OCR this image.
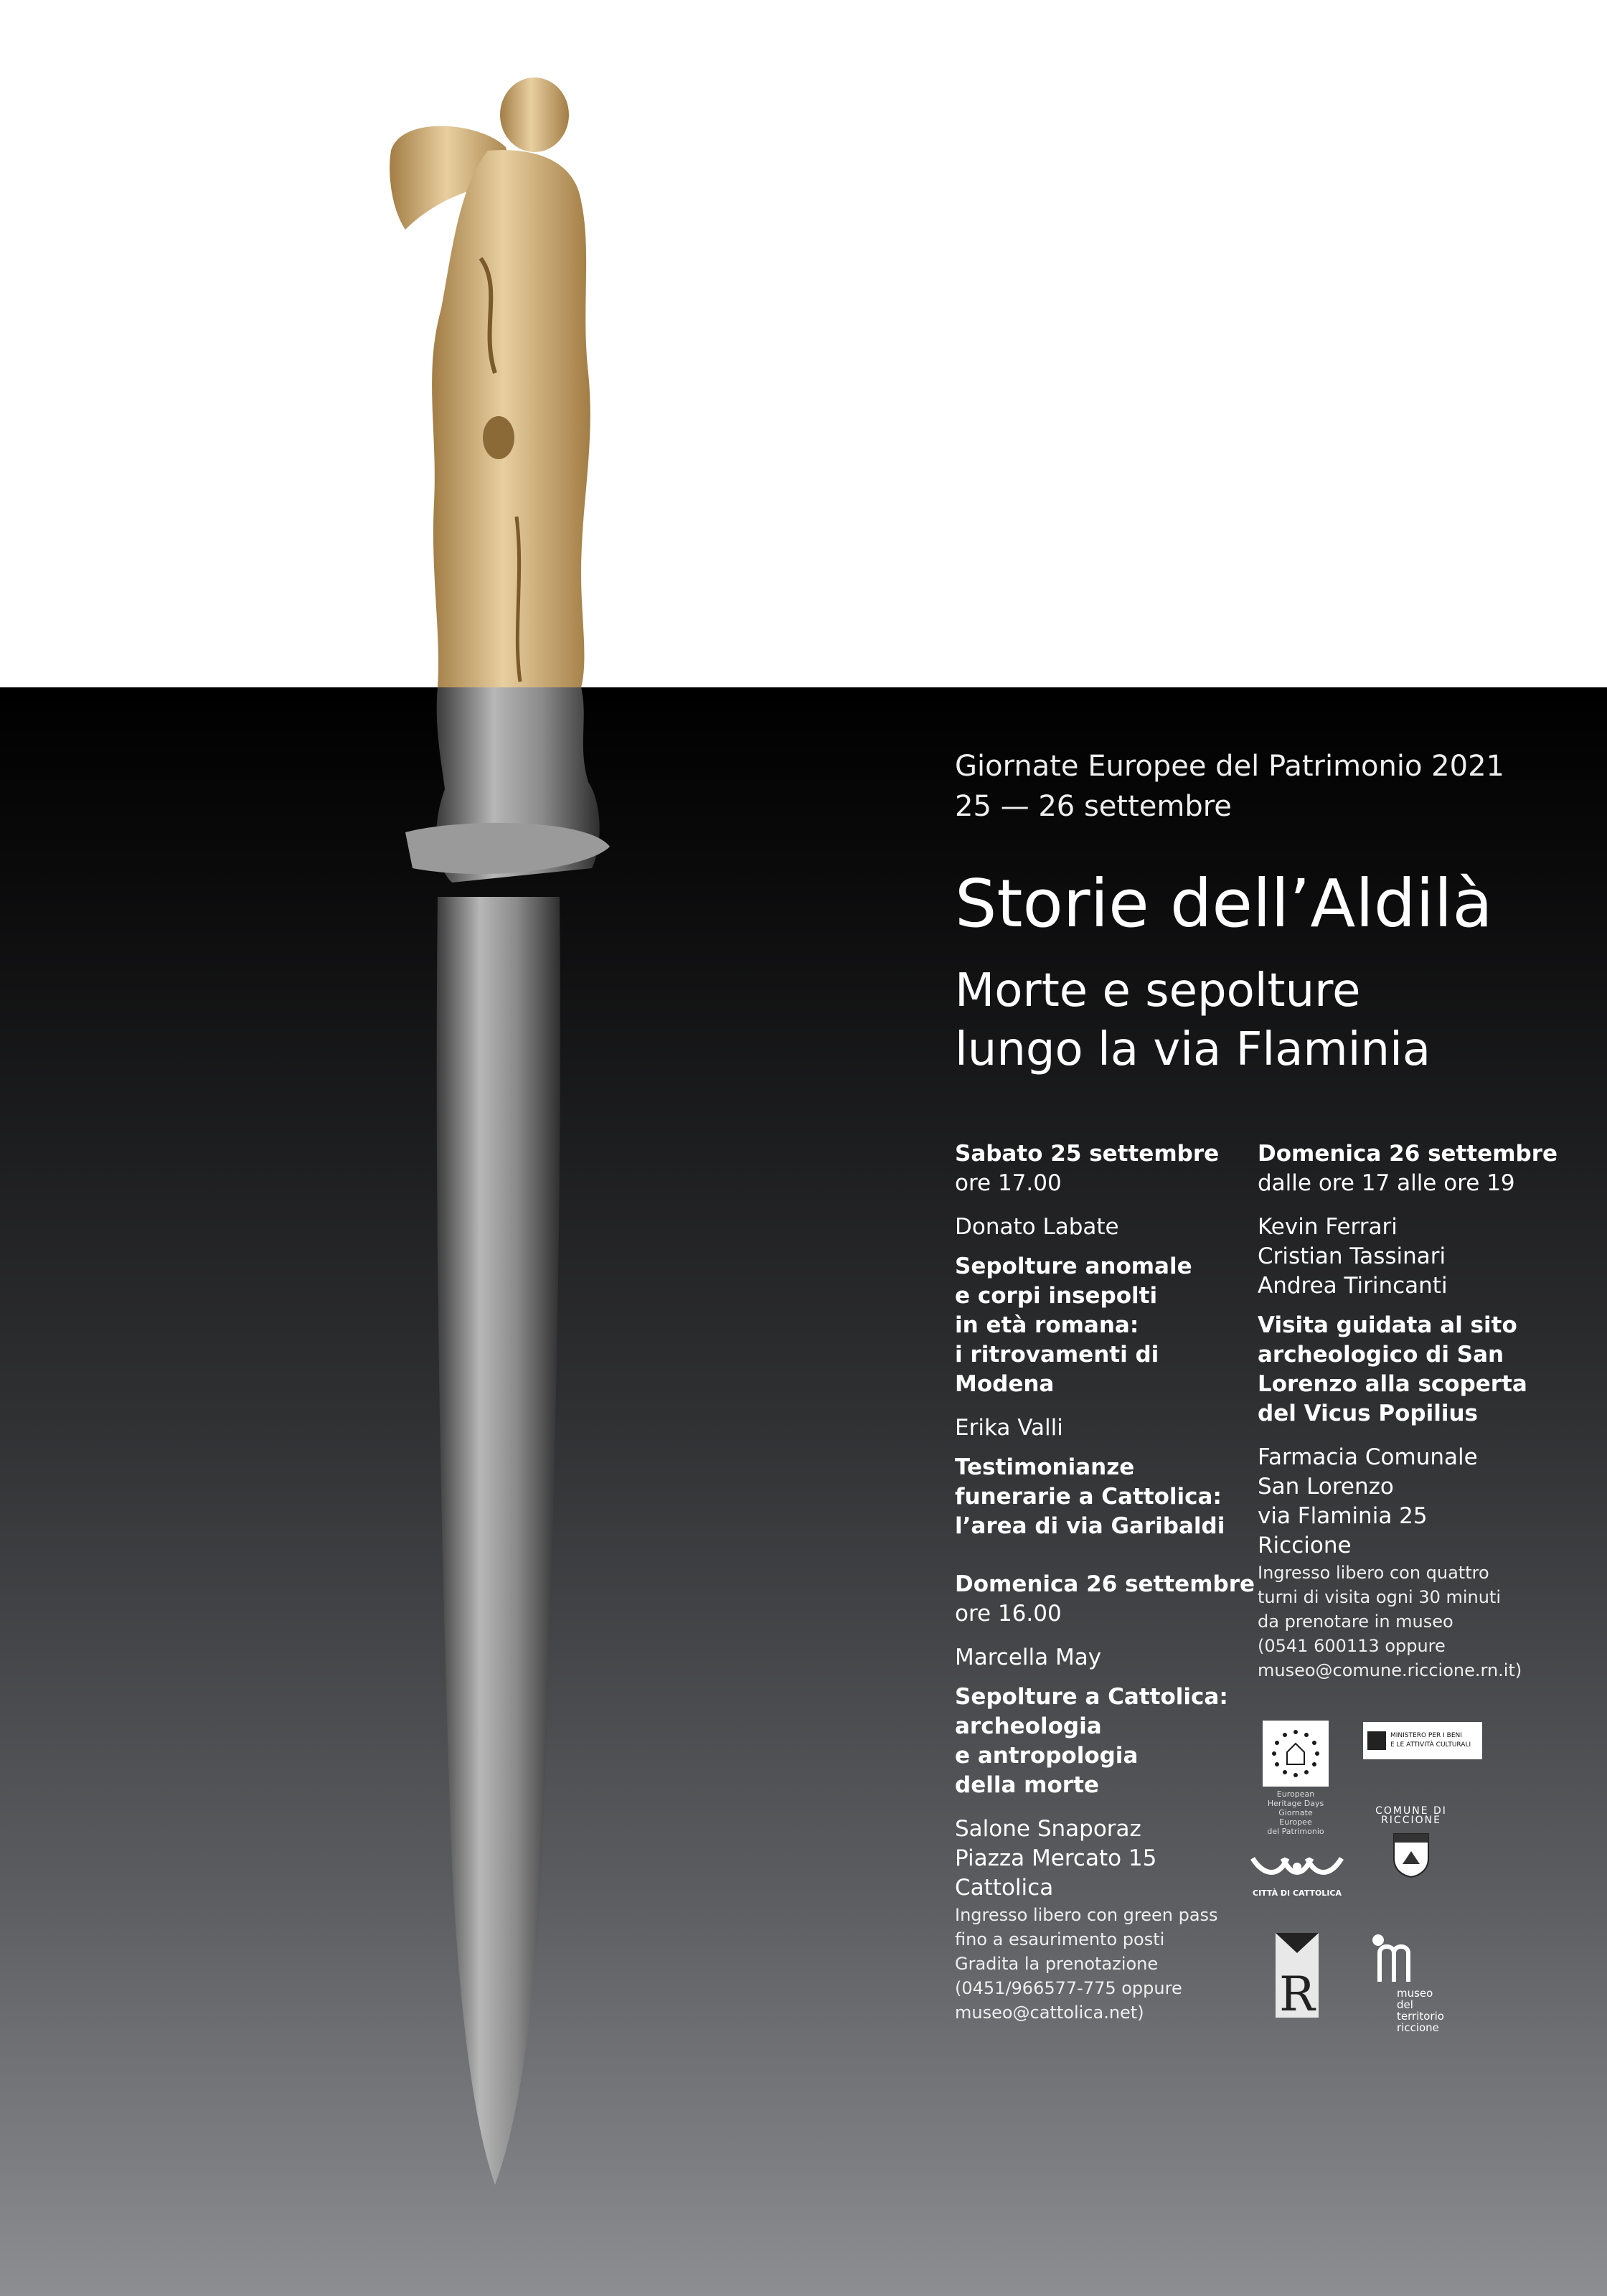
Giornate Europee del Patrimonio 2021
25 — 26 settembre
Storie dell’Aldilà
Morte e sepolture
lungo la via Flaminia
Sabato 25 settembre
ore 17.00
Donato Labate
Sepolture anomale
e corpi insepolti
in età romana:
i ritrovamenti di
Modena
Erika Valli
Testimonianze
funerarie a Cattolica:
l’area di via Garibaldi
Domenica 26 settembre
ore 16.00
Marcella May
Sepolture a Cattolica:
archeologia
e antropologia
della morte
Salone Snaporaz
Piazza Mercato 15
Cattolica
Ingresso libero con green pass
fino a esaurimento posti
Gradita la prenotazione
(0451/966577-775 oppure
museo@cattolica.net)
Domenica 26 settembre
dalle ore 17 alle ore 19
Kevin Ferrari
Cristian Tassinari
Andrea Tirincanti
Visita guidata al sito
archeologico di San
Lorenzo alla scoperta
del Vicus Popilius
Farmacia Comunale
San Lorenzo
via Flaminia 25
Riccione
Ingresso libero con quattro
turni di visita ogni 30 minuti
da prenotare in museo
(0541 600113 oppure
museo@comune.riccione.rn.it)
European Heritage Days
Giornate Europee
del Patrimonio
MINISTERO PER I BENI
E LE ATTIVITÀ CULTURALI
COMUNE DI
RICCIONE
CITTÀ DI CATTOLICA
R	museo
del territorio
riccione
